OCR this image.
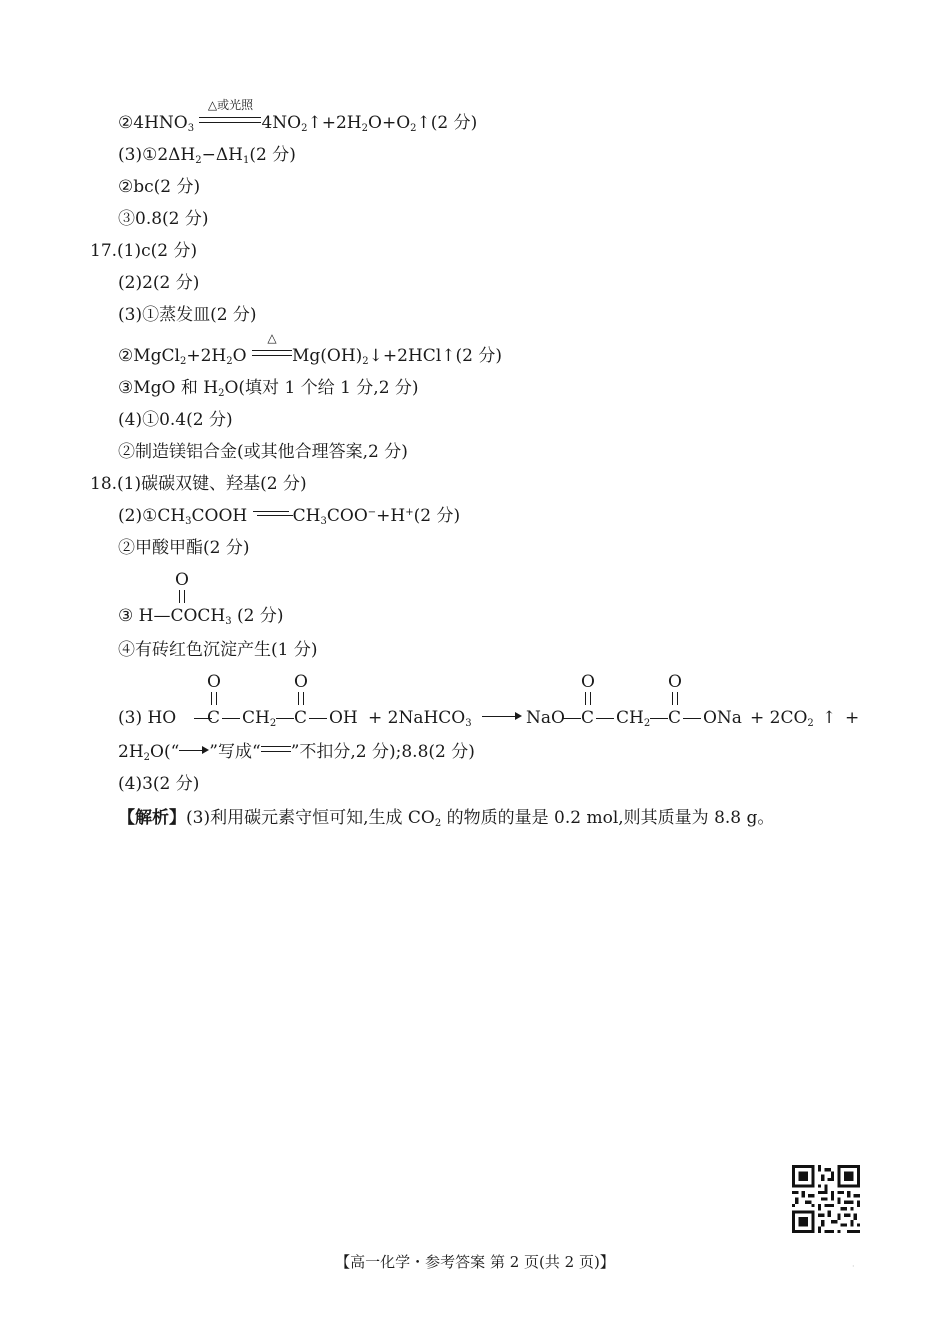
$②4HNO_3$
△或光照
$4NO_2↑+2H_2O+O_2↑(2$ 分)
$(3)①2\Delta H_2-\Delta H_1(2$ 分)
②bc(2 分)
③0.8(2 分)
17.(1)c(2 分)
(2)2(2 分)
(3)①蒸发皿(2 分)
$②MgCl_2+2H_2O$
△
$Mg(OH)_2↓+2HCl↑(2$ 分)
③MgO 和 $H_2O$(填对 1 个给 1 分,2 分)
(4)①0.4(2 分)
②制造镁铝合金(或其他合理答案,2 分)
18.(1)碳碳双键、羟基(2 分)
$(2)①CH_3COOH$	$CH_3COO^-+H^+(2$ 分)
②甲酸甲酯(2 分)
O
③ $H—COCH_3$ (2 分)
④有砖红色沉淀产生(1 分)
O	O	O	O
(3) HO C $CH_2$ C OH + 2NaHCO$_3$	NaO C $CH_2$ C ONa + $2CO_2$ ↑ +
$2H_2O(“$ ”写成“ ”不扣分,2 分);8.8(2 分)
(4)3(2 分)
【解析】(3)利用碳元素守恒可知,生成 $CO_2$ 的物质的量是 0.2 mol,则其质量为 8.8 g。
【高一化学・参考答案 第 2 页(共 2 页)】	·
